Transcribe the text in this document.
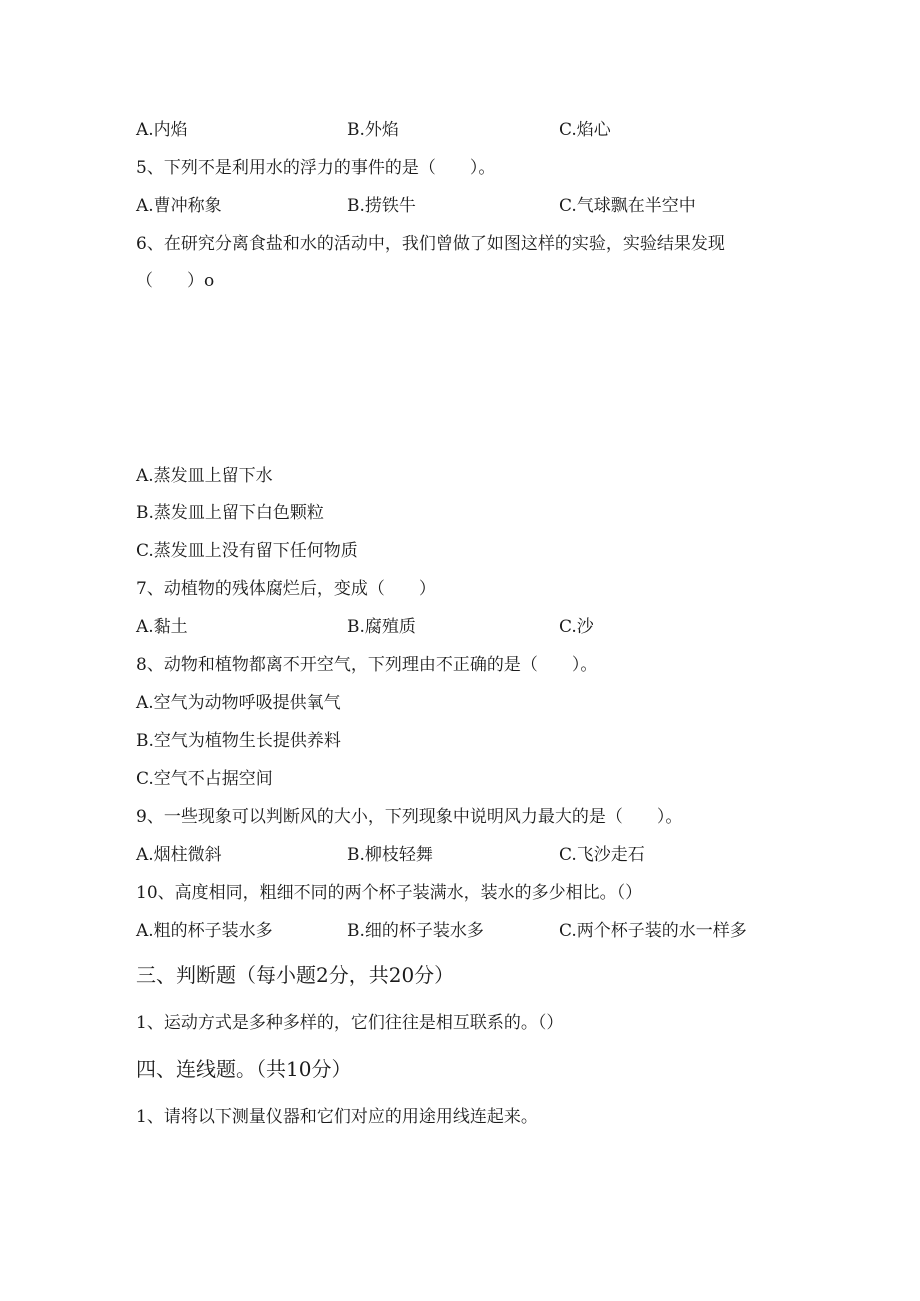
A.内焰	B.外焰	C.焰心
5、下列不是利用水的浮力的事件的是（　　）。
A.曹冲称象	B.捞铁牛	C.气球飘在半空中
6、在研究分离食盐和水的活动中，我们曾做了如图这样的实验，实验结果发现
（　　）o
A.蒸发皿上留下水
B.蒸发皿上留下白色颗粒
C.蒸发皿上没有留下任何物质
7、动植物的残体腐烂后，变成（　　）
A.黏土	B.腐殖质	C.沙
8、动物和植物都离不开空气，下列理由不正确的是（　　）。
A.空气为动物呼吸提供氧气
B.空气为植物生长提供养料
C.空气不占据空间
9、一些现象可以判断风的大小，下列现象中说明风力最大的是（　　）。
A.烟柱微斜	B.柳枝轻舞	C.飞沙走石
10、高度相同，粗细不同的两个杯子装满水，装水的多少相比。（）
A.粗的杯子装水多	B.细的杯子装水多	C.两个杯子装的水一样多
三、判断题（每小题2分，共20分）
1、运动方式是多种多样的，它们往往是相互联系的。（）
四、连线题。（共10分）
1、请将以下测量仪器和它们对应的用途用线连起来。
